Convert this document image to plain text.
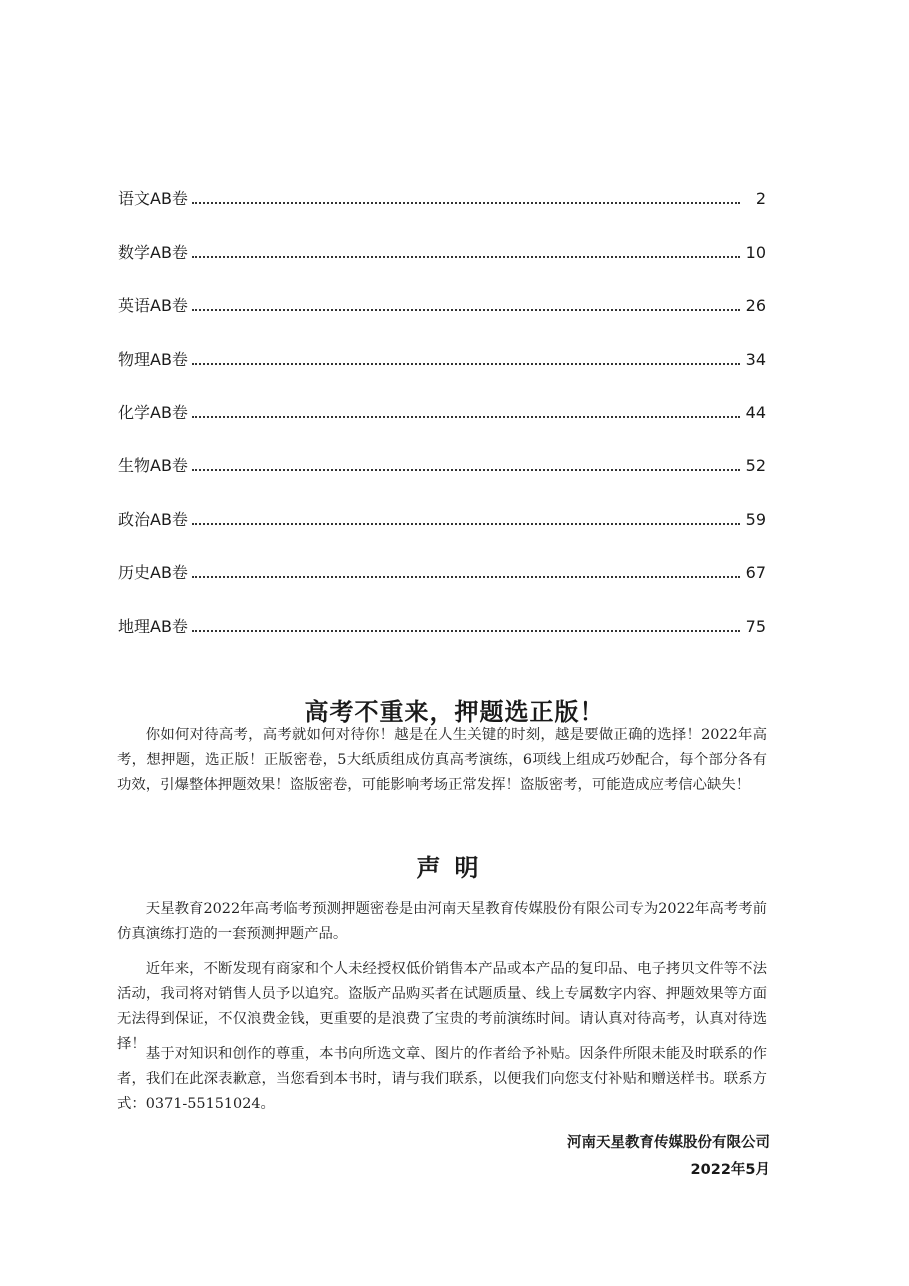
语文AB卷	2
数学AB卷	10
英语AB卷	26
物理AB卷	34
化学AB卷	44
生物AB卷	52
政治AB卷	59
历史AB卷	67
地理AB卷	75
高考不重来，押题选正版！

你如何对待高考，高考就如何对待你！越是在人生关键的时刻，越是要做正确的选择！2022年高考，想押题，选正版！正版密卷，5大纸质组成仿真高考演练，6项线上组成巧妙配合，每个部分各有功效，引爆整体押题效果！盗版密卷，可能影响考场正常发挥！盗版密考，可能造成应考信心缺失！

声明

天星教育2022年高考临考预测押题密卷是由河南天星教育传媒股份有限公司专为2022年高考考前仿真演练打造的一套预测押题产品。

近年来，不断发现有商家和个人未经授权低价销售本产品或本产品的复印品、电子拷贝文件等不法活动，我司将对销售人员予以追究。盗版产品购买者在试题质量、线上专属数字内容、押题效果等方面无法得到保证，不仅浪费金钱，更重要的是浪费了宝贵的考前演练时间。请认真对待高考，认真对待选择！

基于对知识和创作的尊重，本书向所选文章、图片的作者给予补贴。因条件所限未能及时联系的作者，我们在此深表歉意，当您看到本书时，请与我们联系，以便我们向您支付补贴和赠送样书。联系方式：0371-55151024。

河南天星教育传媒股份有限公司
2022年5月
